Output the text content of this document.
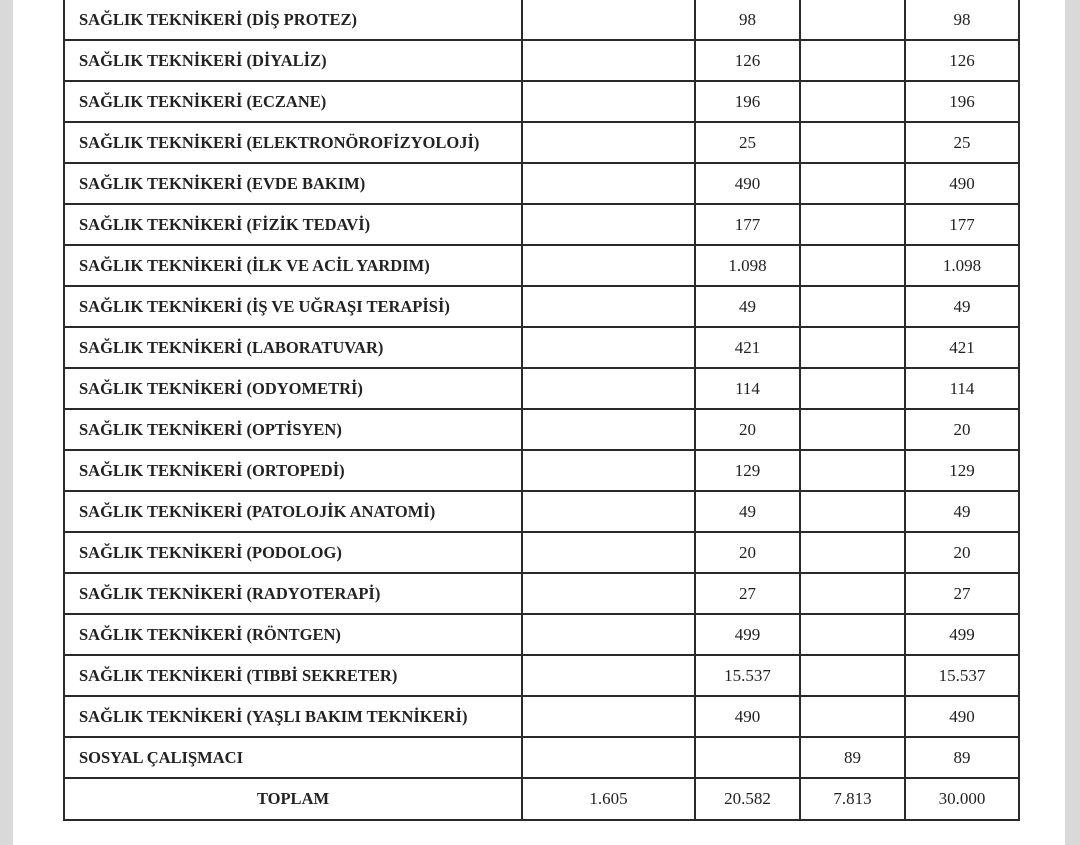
SAĞLIK TEKNİKERİ (DİŞ PROTEZ)		98		98
SAĞLIK TEKNİKERİ (DİYALİZ)		126		126
SAĞLIK TEKNİKERİ (ECZANE)		196		196
SAĞLIK TEKNİKERİ (ELEKTRONÖROFİZYOLOJİ)		25		25
SAĞLIK TEKNİKERİ (EVDE BAKIM)		490		490
SAĞLIK TEKNİKERİ (FİZİK TEDAVİ)		177		177
SAĞLIK TEKNİKERİ (İLK VE ACİL YARDIM)		1.098		1.098
SAĞLIK TEKNİKERİ (İŞ VE UĞRAŞI TERAPİSİ)		49		49
SAĞLIK TEKNİKERİ (LABORATUVAR)		421		421
SAĞLIK TEKNİKERİ (ODYOMETRİ)		114		114
SAĞLIK TEKNİKERİ (OPTİSYEN)		20		20
SAĞLIK TEKNİKERİ (ORTOPEDİ)		129		129
SAĞLIK TEKNİKERİ (PATOLOJİK ANATOMİ)		49		49
SAĞLIK TEKNİKERİ (PODOLOG)		20		20
SAĞLIK TEKNİKERİ (RADYOTERAPİ)		27		27
SAĞLIK TEKNİKERİ (RÖNTGEN)		499		499
SAĞLIK TEKNİKERİ (TIBBİ SEKRETER)		15.537		15.537
SAĞLIK TEKNİKERİ (YAŞLI BAKIM TEKNİKERİ)		490		490
SOSYAL ÇALIŞMACI			89	89
TOPLAM	1.605	20.582	7.813	30.000
